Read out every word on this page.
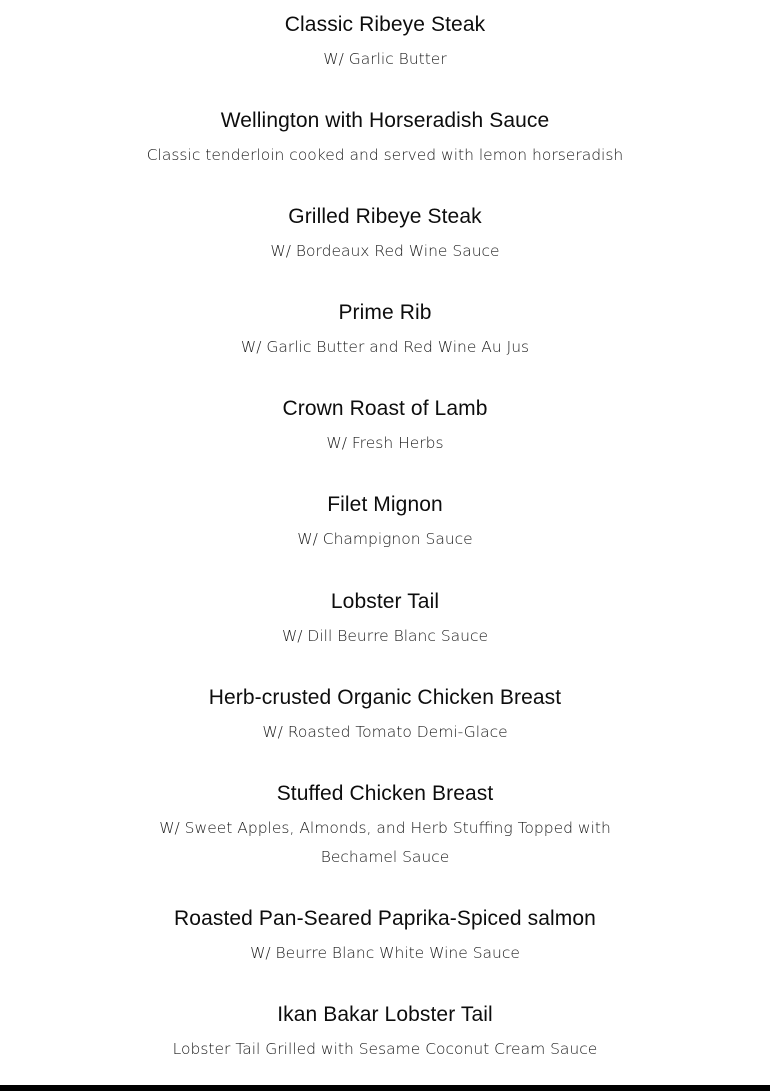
Classic Ribeye Steak
W/ Garlic Butter
Wellington with Horseradish Sauce
Classic tenderloin cooked and served with lemon horseradish
Grilled Ribeye Steak
W/ Bordeaux Red Wine Sauce
Prime Rib
W/ Garlic Butter and Red Wine Au Jus
Crown Roast of Lamb
W/ Fresh Herbs
Filet Mignon
W/ Champignon Sauce
Lobster Tail
W/ Dill Beurre Blanc Sauce
Herb-crusted Organic Chicken Breast
W/ Roasted Tomato Demi-Glace
Stuffed Chicken Breast
W/ Sweet Apples, Almonds, and Herb Stuffing Topped with Bechamel Sauce
Roasted Pan-Seared Paprika-Spiced salmon
W/ Beurre Blanc White Wine Sauce
Ikan Bakar Lobster Tail
Lobster Tail Grilled with Sesame Coconut Cream Sauce
